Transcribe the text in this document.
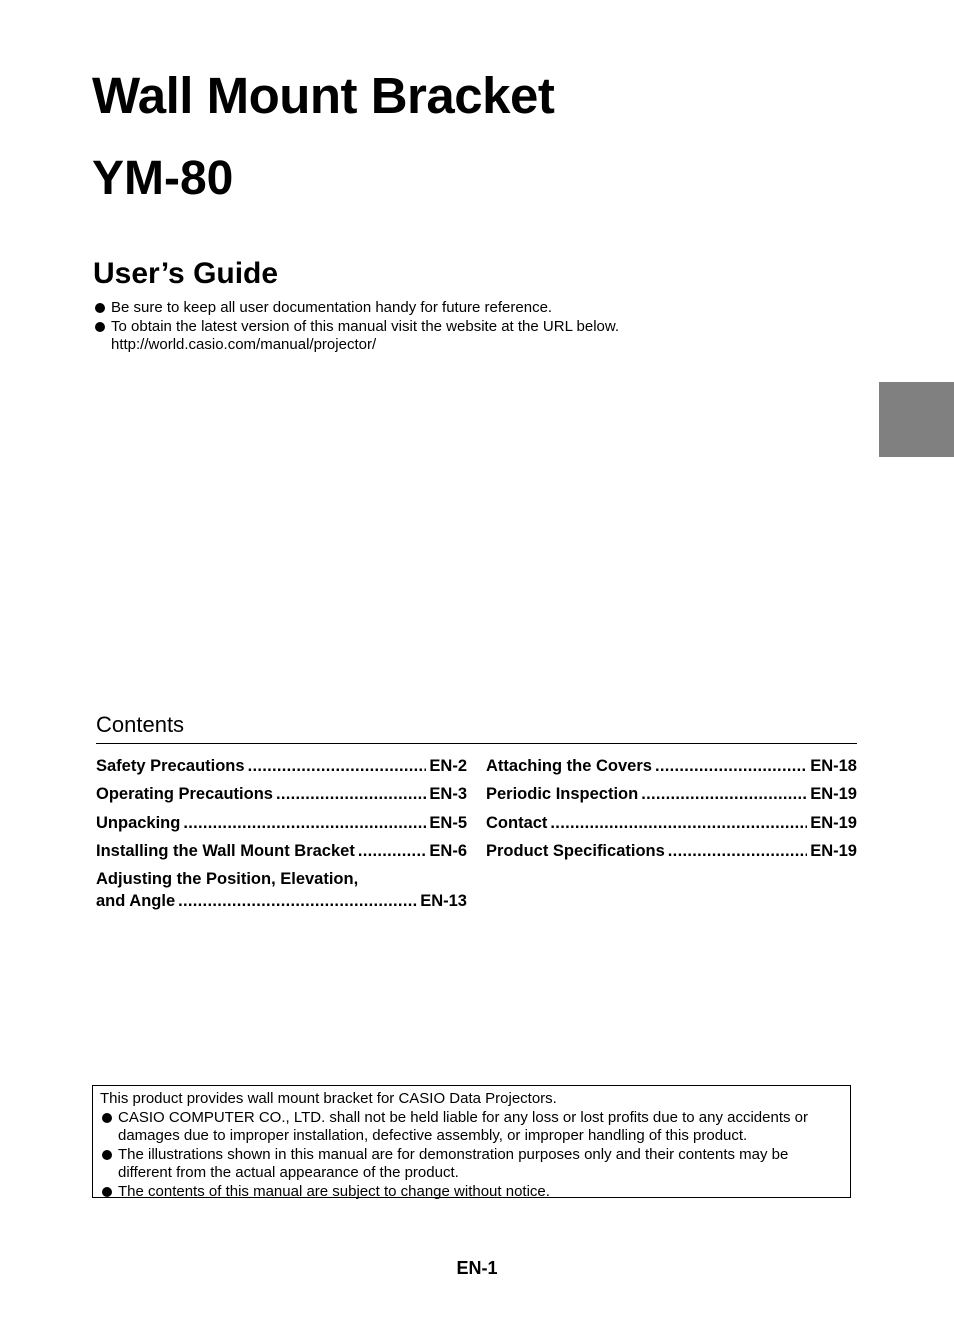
Wall Mount Bracket
YM-80
User’s Guide
Be sure to keep all user documentation handy for future reference.
To obtain the latest version of this manual visit the website at the URL below.
http://world.casio.com/manual/projector/
Contents
Safety Precautions .....	EN-2
Operating Precautions .....	EN-3
Unpacking .....	EN-5
Installing the Wall Mount Bracket .....	EN-6
Adjusting the Position, Elevation,
and Angle .....	EN-13
Attaching the Covers .....	EN-18
Periodic Inspection .....	EN-19
Contact .....	EN-19
Product Specifications .....	EN-19

This product provides wall mount bracket for CASIO Data Projectors.

CASIO COMPUTER CO., LTD. shall not be held liable for any loss or lost profits due to any accidents or damages due to improper installation, defective assembly, or improper handling of this product.
The illustrations shown in this manual are for demonstration purposes only and their contents may be different from the actual appearance of the product.
The contents of this manual are subject to change without notice.
EN-1
